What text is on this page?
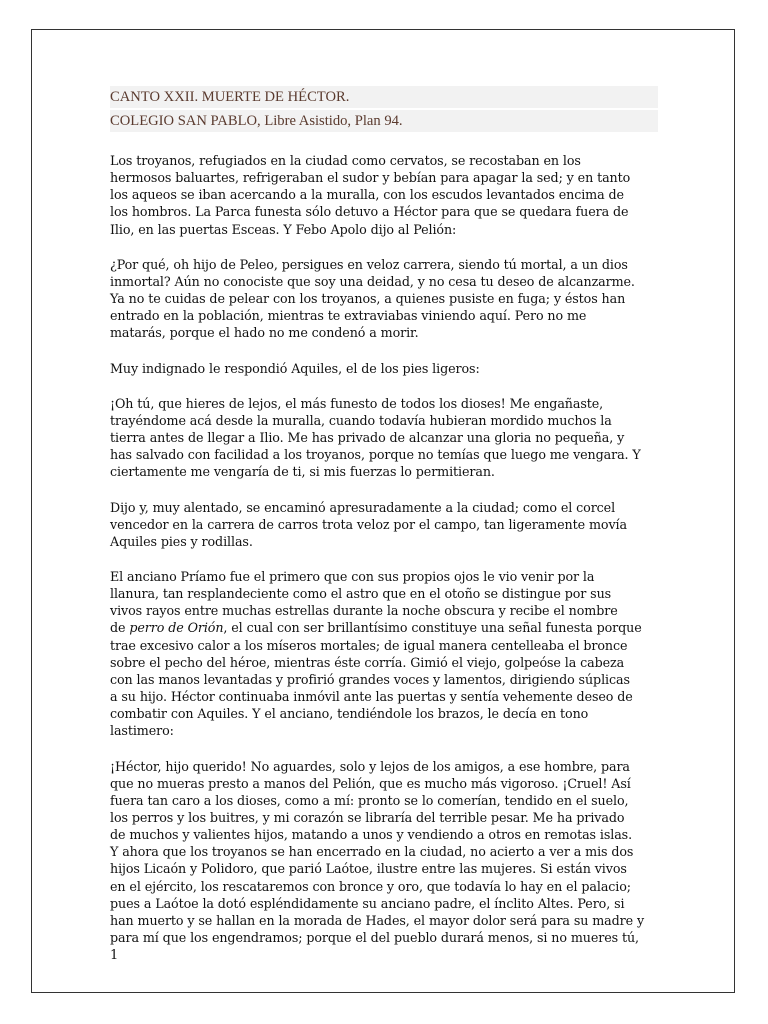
CANTO XXII. MUERTE DE HÉCTOR.
COLEGIO SAN PABLO, Libre Asistido, Plan 94.

Los troyanos, refugiados en la ciudad como cervatos, se recostaban en los
hermosos baluartes, refrigeraban el sudor y bebían para apagar la sed; y en tanto
los aqueos se iban acercando a la muralla, con los escudos levantados encima de
los hombros. La Parca funesta sólo detuvo a Héctor para que se quedara fuera de
Ilio, en las puertas Esceas. Y Febo Apolo dijo al Pelión:

¿Por qué, oh hijo de Peleo, persigues en veloz carrera, siendo tú mortal, a un dios
inmortal? Aún no conociste que soy una deidad, y no cesa tu deseo de alcanzarme.
Ya no te cuidas de pelear con los troyanos, a quienes pusiste en fuga; y éstos han
entrado en la población, mientras te extraviabas viniendo aquí. Pero no me
matarás, porque el hado no me condenó a morir.

Muy indignado le respondió Aquiles, el de los pies ligeros:

¡Oh tú, que hieres de lejos, el más funesto de todos los dioses! Me engañaste,
trayéndome acá desde la muralla, cuando todavía hubieran mordido muchos la
tierra antes de llegar a Ilio. Me has privado de alcanzar una gloria no pequeña, y
has salvado con facilidad a los troyanos, porque no temías que luego me vengara. Y
ciertamente me vengaría de ti, si mis fuerzas lo permitieran.

Dijo y, muy alentado, se encaminó apresuradamente a la ciudad; como el corcel
vencedor en la carrera de carros trota veloz por el campo, tan ligeramente movía
Aquiles pies y rodillas.

El anciano Príamo fue el primero que con sus propios ojos le vio venir por la
llanura, tan resplandeciente como el astro que en el otoño se distingue por sus
vivos rayos entre muchas estrellas durante la noche obscura y recibe el nombre
de perro de Orión, el cual con ser brillantísimo constituye una señal funesta porque
trae excesivo calor a los míseros mortales; de igual manera centelleaba el bronce
sobre el pecho del héroe, mientras éste corría. Gimió el viejo, golpeóse la cabeza
con las manos levantadas y profirió grandes voces y lamentos, dirigiendo súplicas
a su hijo. Héctor continuaba inmóvil ante las puertas y sentía vehemente deseo de
combatir con Aquiles. Y el anciano, tendiéndole los brazos, le decía en tono
lastimero:

¡Héctor, hijo querido! No aguardes, solo y lejos de los amigos, a ese hombre, para
que no mueras presto a manos del Pelión, que es mucho más vigoroso. ¡Cruel! Así
fuera tan caro a los dioses, como a mí: pronto se lo comerían, tendido en el suelo,
los perros y los buitres, y mi corazón se libraría del terrible pesar. Me ha privado
de muchos y valientes hijos, matando a unos y vendiendo a otros en remotas islas.
Y ahora que los troyanos se han encerrado en la ciudad, no acierto a ver a mis dos
hijos Licaón y Polidoro, que parió Laótoe, ilustre entre las mujeres. Si están vivos
en el ejército, los rescataremos con bronce y oro, que todavía lo hay en el palacio;
pues a Laótoe la dotó espléndidamente su anciano padre, el ínclito Altes. Pero, si
han muerto y se hallan en la morada de Hades, el mayor dolor será para su madre y
para mí que los engendramos; porque el del pueblo durará menos, si no mueres tú,

1
